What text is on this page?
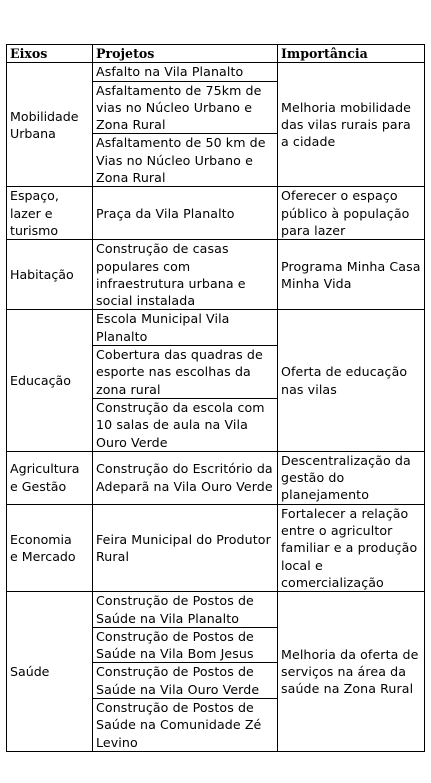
Eixos	Projetos	Importância
Mobilidade
Urbana	Asfalto na Vila Planalto	Melhoria mobilidade das vilas rurais para a cidade
	Asfaltamento de 75km de vias no Núcleo Urbano e Zona Rural	
	Asfaltamento de 50 km de Vias no Núcleo Urbano e Zona Rural	
Espaço, lazer e turismo	Praça da Vila Planalto	Oferecer o espaço público à população para lazer
Habitação	Construção de casas populares com infraestrutura urbana e social instalada	Programa Minha Casa Minha Vida
Educação	Escola Municipal Vila Planalto	Oferta de educação nas vilas
	Cobertura das quadras de esporte nas escolhas da zona rural	
	Construção da escola com 10 salas de aula na Vila Ouro Verde	
Agricultura
e Gestão	Construção do Escritório da Adeparã na Vila Ouro Verde	Descentralização da gestão do planejamento
Economia
e Mercado	Feira Municipal do Produtor Rural	Fortalecer a relação entre o agricultor familiar e a produção local e comercialização
Saúde	Construção de Postos de Saúde na Vila Planalto	Melhoria da oferta de serviços na área da saúde na Zona Rural
	Construção de Postos de Saúde na Vila Bom Jesus	
	Construção de Postos de Saúde na Vila Ouro Verde	
	Construção de Postos de Saúde na Comunidade Zé Levino	
